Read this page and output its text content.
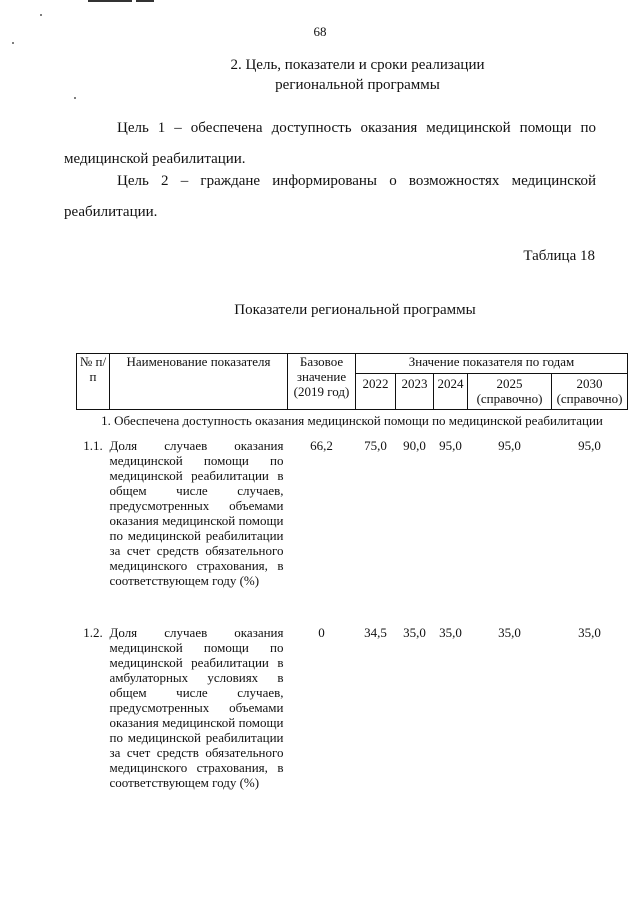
68
2. Цель, показатели и сроки реализации
региональной программы
Цель 1 – обеспечена доступность оказания медицинской помощи по медицинской реабилитации.
Цель 2 – граждане информированы о возможностях медицинской реабилитации.
Таблица 18
Показатели региональной программы
№ п/п	Наименование показателя	Базовое значение (2019 год)	Значение показателя по годам				
			2022	2023	2024	2025 (справочно)	2030 (справочно)
1. Обеспечена доступность оказания медицинской помощи по медицинской реабилитации							
1.1.	Доля случаев оказания медицинской помощи по медицинской реабилитации в общем числе случаев, предусмотренных объемами оказания медицинской помощи по медицинской реабилитации за счет средств обязательного медицинского страхования, в соответствующем году (%)	66,2	75,0	90,0	95,0	95,0	95,0
1.2.	Доля случаев оказания медицинской помощи по медицинской реабилитации в амбулаторных условиях в общем числе случаев, предусмотренных объемами оказания медицинской помощи по медицинской реабилитации за счет средств обязательного медицинского страхования, в соответствующем году (%)	0	34,5	35,0	35,0	35,0	35,0
